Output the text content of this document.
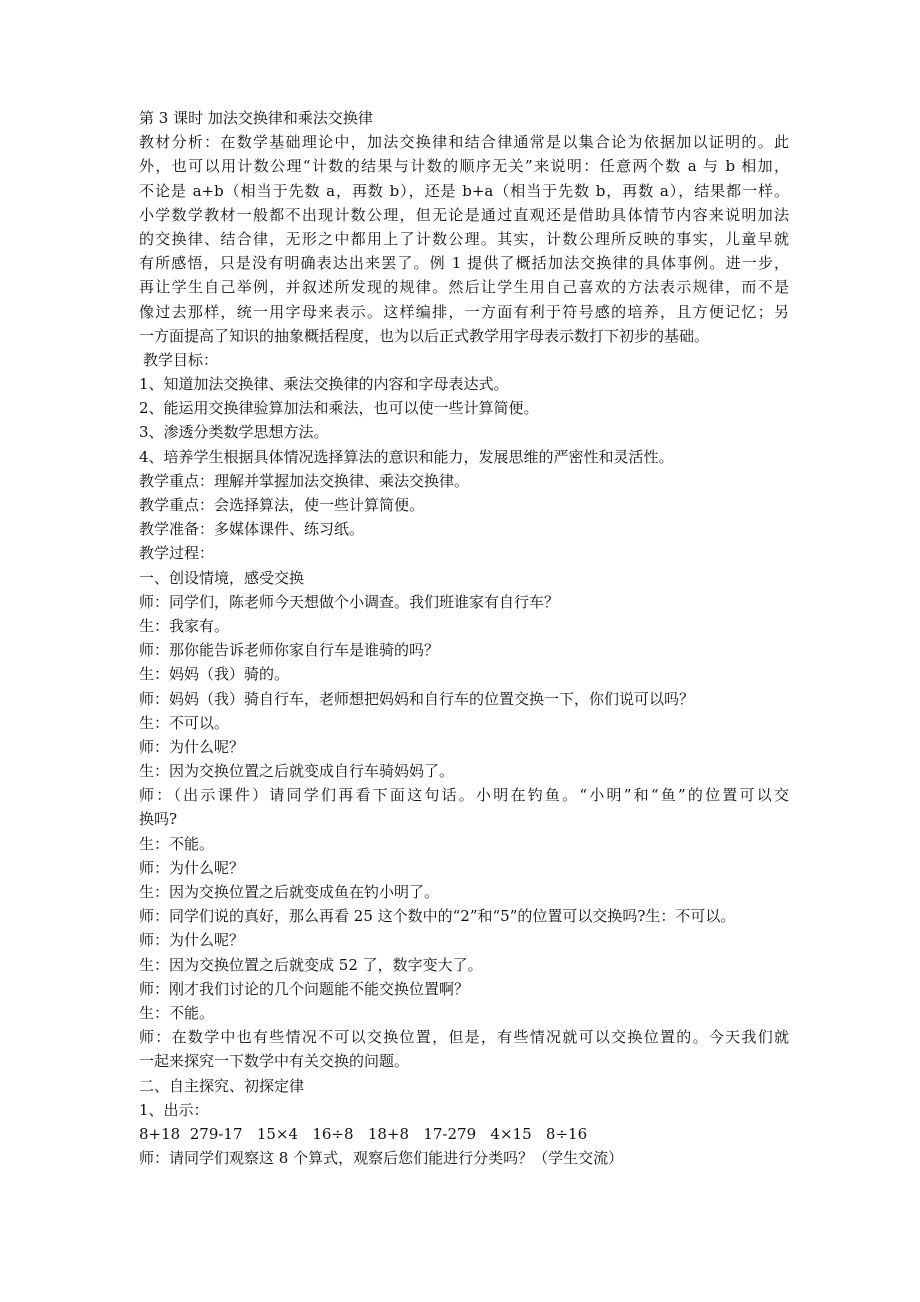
第 3 课时 加法交换律和乘法交换律
教材分析：在数学基础理论中，加法交换律和结合律通常是以集合论为依据加以证明的。此
外，也可以用计数公理“计数的结果与计数的顺序无关”来说明：任意两个数 a 与 b 相加，
不论是 a+b（相当于先数 a，再数 b），还是 b+a（相当于先数 b，再数 a），结果都一样。
小学数学教材一般都不出现计数公理，但无论是通过直观还是借助具体情节内容来说明加法
的交换律、结合律，无形之中都用上了计数公理。其实，计数公理所反映的事实，儿童早就
有所感悟，只是没有明确表达出来罢了。例 1 提供了概括加法交换律的具体事例。进一步，
再让学生自己举例，并叙述所发现的规律。然后让学生用自己喜欢的方法表示规律，而不是
像过去那样，统一用字母来表示。这样编排，一方面有利于符号感的培养，且方便记忆；另
一方面提高了知识的抽象概括程度，也为以后正式教学用字母表示数打下初步的基础。
教学目标：
1、知道加法交换律、乘法交换律的内容和字母表达式。
2、能运用交换律验算加法和乘法，也可以使一些计算简便。
3、渗透分类数学思想方法。
4、培养学生根据具体情况选择算法的意识和能力，发展思维的严密性和灵活性。
教学重点：理解并掌握加法交换律、乘法交换律。
教学重点：会选择算法，使一些计算简便。
教学准备：多媒体课件、练习纸。
教学过程：
一、创设情境，感受交换
师：同学们，陈老师今天想做个小调查。我们班谁家有自行车？
生：我家有。
师：那你能告诉老师你家自行车是谁骑的吗？
生：妈妈（我）骑的。
师：妈妈（我）骑自行车，老师想把妈妈和自行车的位置交换一下，你们说可以吗？
生：不可以。
师：为什么呢？
生：因为交换位置之后就变成自行车骑妈妈了。
师：（出示课件）请同学们再看下面这句话。小明在钓鱼。“小明”和“鱼”的位置可以交
换吗?
生：不能。
师：为什么呢？
生：因为交换位置之后就变成鱼在钓小明了。
师：同学们说的真好，那么再看 25 这个数中的“2”和“5”的位置可以交换吗?生：不可以。
师：为什么呢？
生：因为交换位置之后就变成 52 了，数字变大了。
师：刚才我们讨论的几个问题能不能交换位置啊？
生：不能。
师：在数学中也有些情况不可以交换位置，但是，有些情况就可以交换位置的。今天我们就
一起来探究一下数学中有关交换的问题。
二、自主探究、初探定律
1、出示：
8+18  279-17   15×4   16÷8   18+8   17-279   4×15   8÷16
师：请同学们观察这 8 个算式，观察后您们能进行分类吗？（学生交流）
